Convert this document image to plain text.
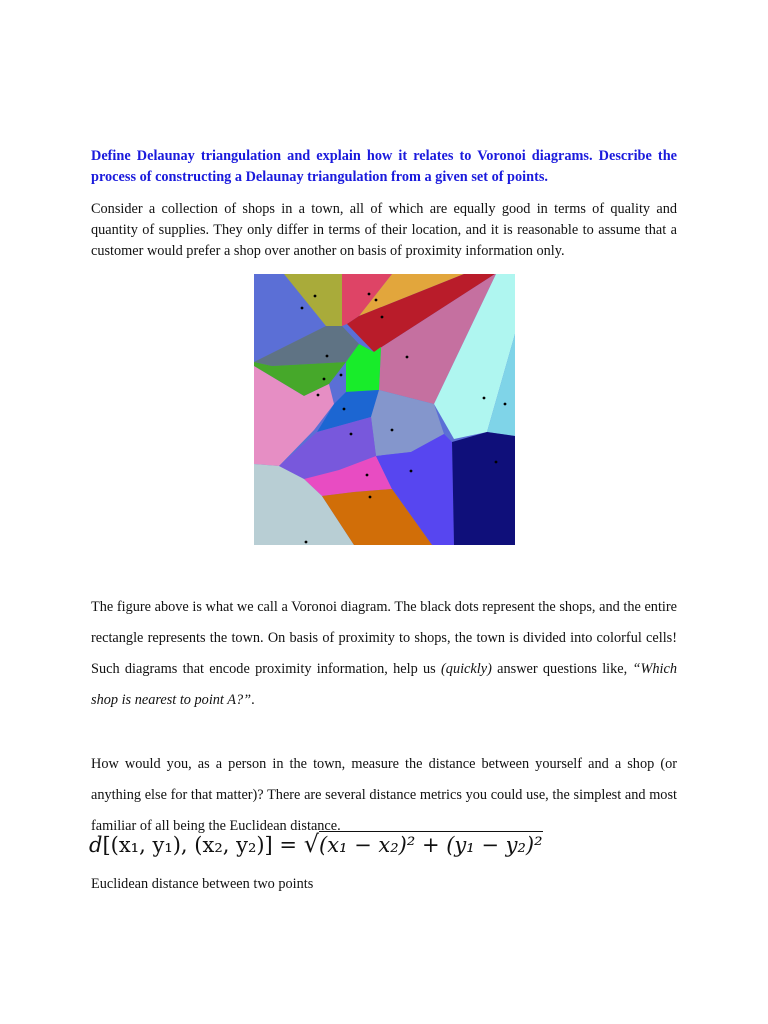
Define Delaunay triangulation and explain how it relates to Voronoi diagrams. Describe the process of constructing a Delaunay triangulation from a given set of points.

Consider a collection of shops in a town, all of which are equally good in terms of quality and quantity of supplies. They only differ in terms of their location, and it is reasonable to assume that a customer would prefer a shop over another on basis of proximity information only.

The figure above is what we call a Voronoi diagram. The black dots represent the shops, and the entire rectangle represents the town. On basis of proximity to shops, the town is divided into colorful cells! Such diagrams that encode proximity information, help us (quickly) answer questions like, “Which shop is nearest to point A?”.

How would you, as a person in the town, measure the distance between yourself and a shop (or anything else for that matter)? There are several distance metrics you could use, the simplest and most familiar of all being the Euclidean distance.

d[(x₁, y₁), (x₂, y₂)] = √(x₁ − x₂)² + (y₁ − y₂)²
Euclidean distance between two points
